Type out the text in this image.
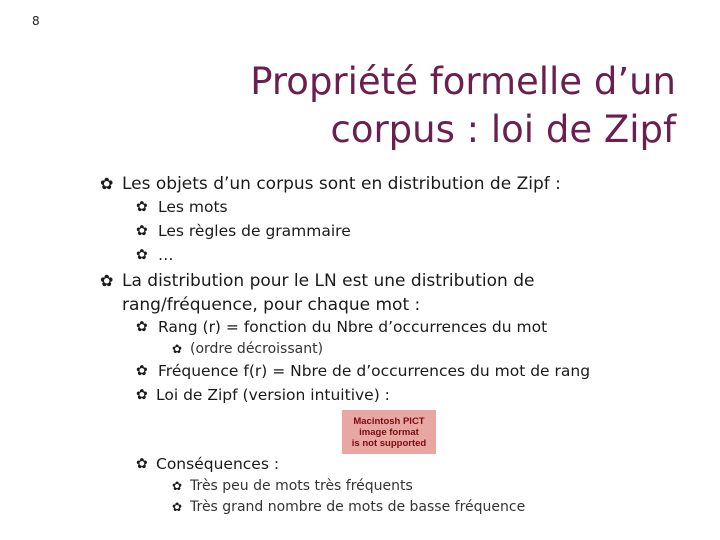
8
Propriété formelle d’un
corpus : loi de Zipf
✿ Les objets d’un corpus sont en distribution de Zipf :
✿ Les mots
✿ Les règles de grammaire
✿ …
✿ La distribution pour le LN est une distribution de
rang/fréquence, pour chaque mot :
✿ Rang (r) = fonction du Nbre d’occurrences du mot
✿ (ordre décroissant)
✿ Fréquence f(r) = Nbre de d’occurrences du mot de rang
✿ Loi de Zipf (version intuitive) :
Macintosh PICT
image format
is not supported
✿ Conséquences :
✿ Très peu de mots très fréquents
✿ Très grand nombre de mots de basse fréquence
